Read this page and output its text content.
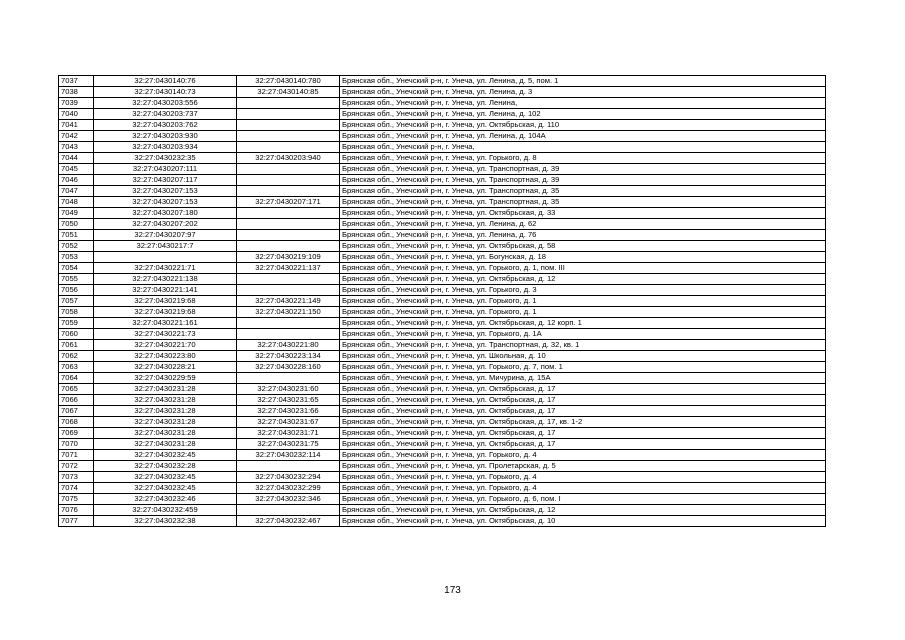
7037	32:27:0430140:76	32:27:0430140:780	Брянская обл., Унечский р-н, г. Унеча, ул. Ленина, д. 5, пом. 1
7038	32:27:0430140:73	32:27:0430140:85	Брянская обл., Унечский р-н, г. Унеча, ул. Ленина, д. 3
7039	32:27:0430203:556		Брянская обл., Унечский р-н, г. Унеча, ул. Ленина,
7040	32:27:0430203:737		Брянская обл., Унечский р-н, г. Унеча, ул. Ленина, д. 102
7041	32:27:0430203:762		Брянская обл., Унечский р-н, г. Унеча, ул. Октябрьская, д. 110
7042	32:27:0430203:930		Брянская обл., Унечский р-н, г. Унеча, ул. Ленина, д. 104А
7043	32:27:0430203:934		Брянская обл., Унечский р-н, г. Унеча,
7044	32:27:0430232:35	32:27:0430203:940	Брянская обл., Унечский р-н, г. Унеча, ул. Горького, д. 8
7045	32:27:0430207:111		Брянская обл., Унечский р-н, г. Унеча, ул. Транспортная, д. 39
7046	32:27:0430207:117		Брянская обл., Унечский р-н, г. Унеча, ул. Транспортная, д. 39
7047	32:27:0430207:153		Брянская обл., Унечский р-н, г. Унеча, ул. Транспортная, д. 35
7048	32:27:0430207:153	32:27:0430207:171	Брянская обл., Унечский р-н, г. Унеча, ул. Транспортная, д. 35
7049	32:27:0430207:180		Брянская обл., Унечский р-н, г. Унеча, ул. Октябрьская, д. 33
7050	32:27:0430207:202		Брянская обл., Унечский р-н, г. Унеча, ул. Ленина, д. 62
7051	32:27:0430207:97		Брянская обл., Унечский р-н, г. Унеча, ул. Ленина, д. 76
7052	32:27:0430217:7		Брянская обл., Унечский р-н, г. Унеча, ул. Октябрьская, д. 58
7053		32:27:0430219:109	Брянская обл., Унечский р-н, г. Унеча, ул. Богунская, д. 18
7054	32:27:0430221:71	32:27:0430221:137	Брянская обл., Унечский р-н, г. Унеча, ул. Горького, д. 1, пом. III
7055	32:27:0430221:138		Брянская обл., Унечский р-н, г. Унеча, ул. Октябрьская, д. 12
7056	32:27:0430221:141		Брянская обл., Унечский р-н, г. Унеча, ул. Горького, д. 3
7057	32:27:0430219:68	32:27:0430221:149	Брянская обл., Унечский р-н, г. Унеча, ул. Горького, д. 1
7058	32:27:0430219:68	32:27:0430221:150	Брянская обл., Унечский р-н, г. Унеча, ул. Горького, д. 1
7059	32:27:0430221:161		Брянская обл., Унечский р-н, г. Унеча, ул. Октябрьская, д. 12 корп. 1
7060	32:27:0430221:73		Брянская обл., Унечский р-н, г. Унеча, ул. Горького, д. 1А
7061	32:27:0430221:70	32:27:0430221:80	Брянская обл., Унечский р-н, г. Унеча, ул. Транспортная, д. 32, кв. 1
7062	32:27:0430223:80	32:27:0430223:134	Брянская обл., Унечский р-н, г. Унеча, ул. Школьная, д. 10
7063	32:27:0430228:21	32:27:0430228:160	Брянская обл., Унечский р-н, г. Унеча, ул. Горького, д. 7, пом. 1
7064	32:27:0430229:59		Брянская обл., Унечский р-н, г. Унеча, ул. Мичурина, д. 15А
7065	32:27:0430231:28	32:27:0430231:60	Брянская обл., Унечский р-н, г. Унеча, ул. Октябрьская, д. 17
7066	32:27:0430231:28	32:27:0430231:65	Брянская обл., Унечский р-н, г. Унеча, ул. Октябрьская, д. 17
7067	32:27:0430231:28	32:27:0430231:66	Брянская обл., Унечский р-н, г. Унеча, ул. Октябрьская, д. 17
7068	32:27:0430231:28	32:27:0430231:67	Брянская обл., Унечский р-н, г. Унеча, ул. Октябрьская, д. 17, кв. 1-2
7069	32:27:0430231:28	32:27:0430231:71	Брянская обл., Унечский р-н, г. Унеча, ул. Октябрьская, д. 17
7070	32:27:0430231:28	32:27:0430231:75	Брянская обл., Унечский р-н, г. Унеча, ул. Октябрьская, д. 17
7071	32:27:0430232:45	32:27:0430232:114	Брянская обл., Унечский р-н, г. Унеча, ул. Горького, д. 4
7072	32:27:0430232:28		Брянская обл., Унечский р-н, г. Унеча, ул. Пролетарская, д. 5
7073	32:27:0430232:45	32:27:0430232:294	Брянская обл., Унечский р-н, г. Унеча, ул. Горького, д. 4
7074	32:27:0430232:45	32:27:0430232:299	Брянская обл., Унечский р-н, г. Унеча, ул. Горького, д. 4
7075	32:27:0430232:46	32:27:0430232:346	Брянская обл., Унечский р-н, г. Унеча, ул. Горького, д. 6, пом. I
7076	32:27:0430232:459		Брянская обл., Унечский р-н, г. Унеча, ул. Октябрьская, д. 12
7077	32:27:0430232:38	32:27:0430232:467	Брянская обл., Унечский р-н, г. Унеча, ул. Октябрьская, д. 10
173
